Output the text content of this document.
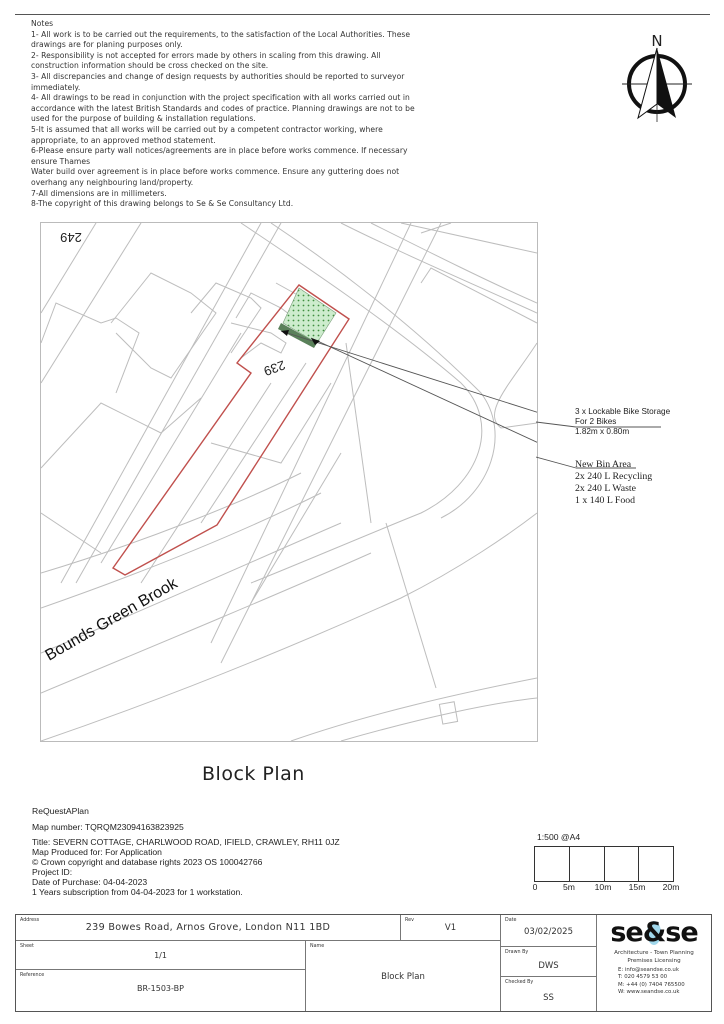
Notes
1- All work is to be carried out the requirements, to the satisfaction of the Local Authorities. These
drawings are for planing purposes only.
2- Responsibility is not accepted for errors made by others in scaling from this drawing. All
construction information should be cross checked on the site.
3- All discrepancies and change of design requests by authorities should be reported to surveyor
immediately.
4- All drawings to be read in conjunction with the project specification with all works carried out in
accordance with the latest British Standards and codes of practice. Planning drawings are not to be
used for the purpose of building & installation regulations.
5-It is assumed that all works will be carried out by a competent contractor working, where
appropriate, to an approved method statement.
6-Please ensure party wall notices/agreements are in place before works commence. If necessary
ensure Thames
Water build over agreement is in place before works commence. Ensure any guttering does not
overhang any neighbouring land/property.
7-All dimensions are in millimeters.
8-The copyright of this drawing belongs to Se & Se Consultancy Ltd.
N
249
239
Bounds Green Brook
3 x Lockable Bike Storage
For 2 Bikes
1.82m x 0.80m
New Bin Area
2x 240 L Recycling
2x 240 L Waste
1 x 140 L Food
Block Plan
ReQuestAPlan
Map number: TQRQM23094163823925
Title: SEVERN COTTAGE, CHARLWOOD ROAD, IFIELD, CRAWLEY, RH11 0JZ
Map Produced for: For Application
© Crown copyright and database rights 2023 OS 100042766
Project ID:
Date of Purchase: 04-04-2023
1 Years subscription from 04-04-2023 for 1 workstation.
1:500 @A4
0	5m 10m 15m 20m
Address
239 Bowes Road, Arnos Grove, London N11 1BD
Rev
V1
Date
03/02/2025
Sheet
1/1
Name
Block Plan
Drawn By
DWS
Reference
BR-1503-BP
Checked By
SS
se&se
Architecture - Town Planning
Premises Licensing
E: info@seandse.co.uk
T: 020 4579 53 00
M: +44 (0) 7404 765500
W: www.seandse.co.uk
